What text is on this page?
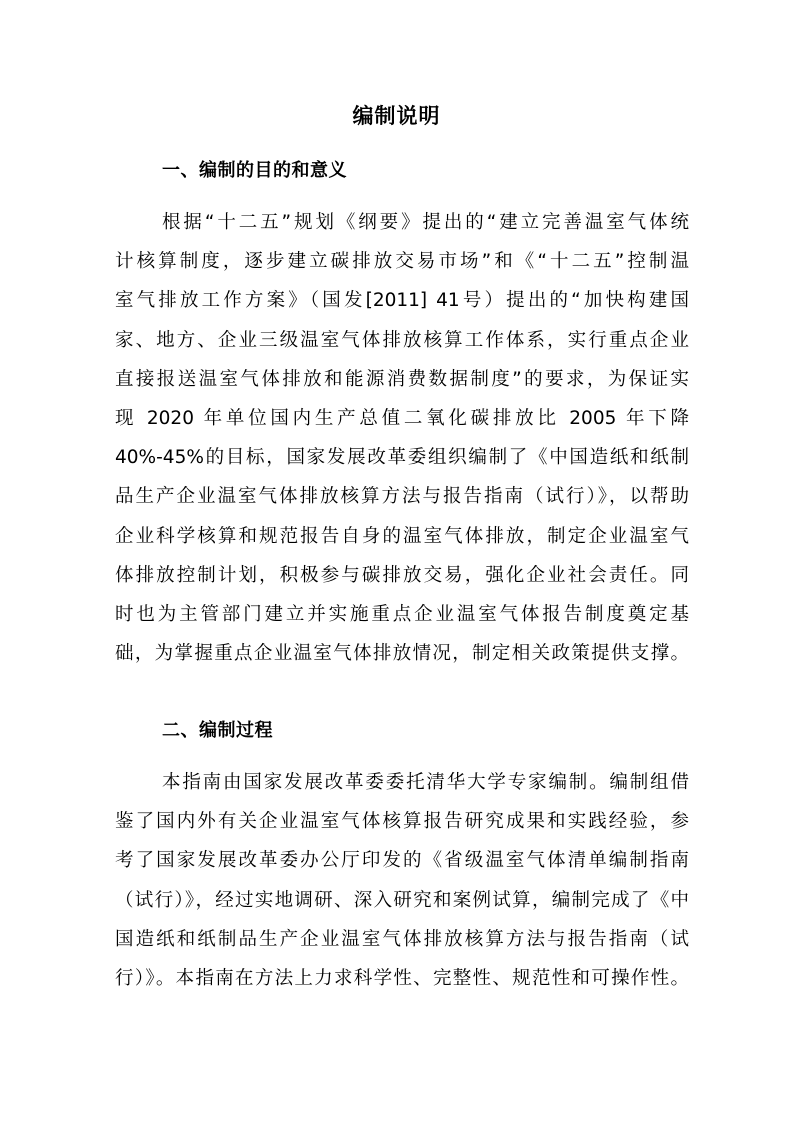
编制说明
一、编制的目的和意义
根据“十二五”规划《纲要》提出的“建立完善温室气体统
计核算制度，逐步建立碳排放交易市场”和《“十二五”控制温
室气排放工作方案》（国发[2011] 41号）提出的“加快构建国
家、地方、企业三级温室气体排放核算工作体系，实行重点企业
直接报送温室气体排放和能源消费数据制度”的要求，为保证实
现 2020 年单位国内生产总值二氧化碳排放比 2005 年下降
40%-45%的目标，国家发展改革委组织编制了《中国造纸和纸制
品生产企业温室气体排放核算方法与报告指南（试行）》，以帮助
企业科学核算和规范报告自身的温室气体排放，制定企业温室气
体排放控制计划，积极参与碳排放交易，强化企业社会责任。同
时也为主管部门建立并实施重点企业温室气体报告制度奠定基
础，为掌握重点企业温室气体排放情况，制定相关政策提供支撑。
二、编制过程
本指南由国家发展改革委委托清华大学专家编制。编制组借
鉴了国内外有关企业温室气体核算报告研究成果和实践经验，参
考了国家发展改革委办公厅印发的《省级温室气体清单编制指南
（试行）》，经过实地调研、深入研究和案例试算，编制完成了《中
国造纸和纸制品生产企业温室气体排放核算方法与报告指南（试
行）》。本指南在方法上力求科学性、完整性、规范性和可操作性。
